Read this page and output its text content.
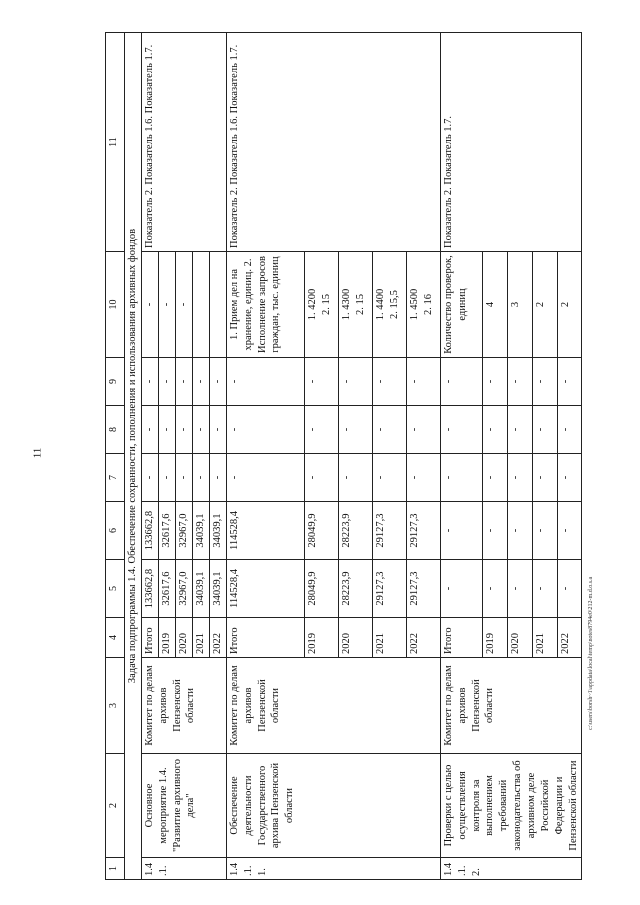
11
c:\users\borsh~1\appdata\local\temp\notes8794e0\212-m.d.o.s.a
1	2	3	4	5	6	7	8	9	10	11
Задача подпрограммы 1.4. Обеспечение сохранности, пополнения и использования архивных фондов										
1.4.1.	Основное мероприятие 1.4. "Развитие архивного дела"	Комитет по делам архивов Пензенской области	Итого	133662,8	133662,8	-	-	-	-	Показатель 2. Показатель 1.6. Показатель 1.7.
			2019	32617,6	32617,6	-	-	-	-	
			2020	32967,0	32967,0	-	-	-	-	
			2021	34039,1	34039,1	-	-	-		
			2022	34039,1	34039,1	-	-	-		
1.4.1.1.	Обеспечение деятельности Государственного архива Пензенской области	Комитет по делам архивов Пензенской области	Итого	114528,4	114528,4	-	-	-	1. Прием дел на хранение, единиц. 2. Исполнение запросов граждан, тыс. единиц	Показатель 2. Показатель 1.6. Показатель 1.7.
			2019	28049,9	28049,9	-	-	-	1. 4200
2. 15	
			2020	28223,9	28223,9	-	-	-	1. 4300
2. 15	
			2021	29127,3	29127,3	-	-	-	1. 4400
2. 15,5	
			2022	29127,3	29127,3	-	-	-	1. 4500
2. 16	
1.4.1.2.	Проверки с целью осуществления контроля за выполнением требований законодательства об архивном деле Российской Федерации и Пензенской области	Комитет по делам архивов Пензенской области	Итого	-	-	-	-	-	Количество проверок, единиц	Показатель 2. Показатель 1.7.
			2019	-	-	-	-	-	4	
			2020	-	-	-	-	-	3	
			2021	-	-	-	-	-	2	
			2022	-	-	-	-	-	2	
